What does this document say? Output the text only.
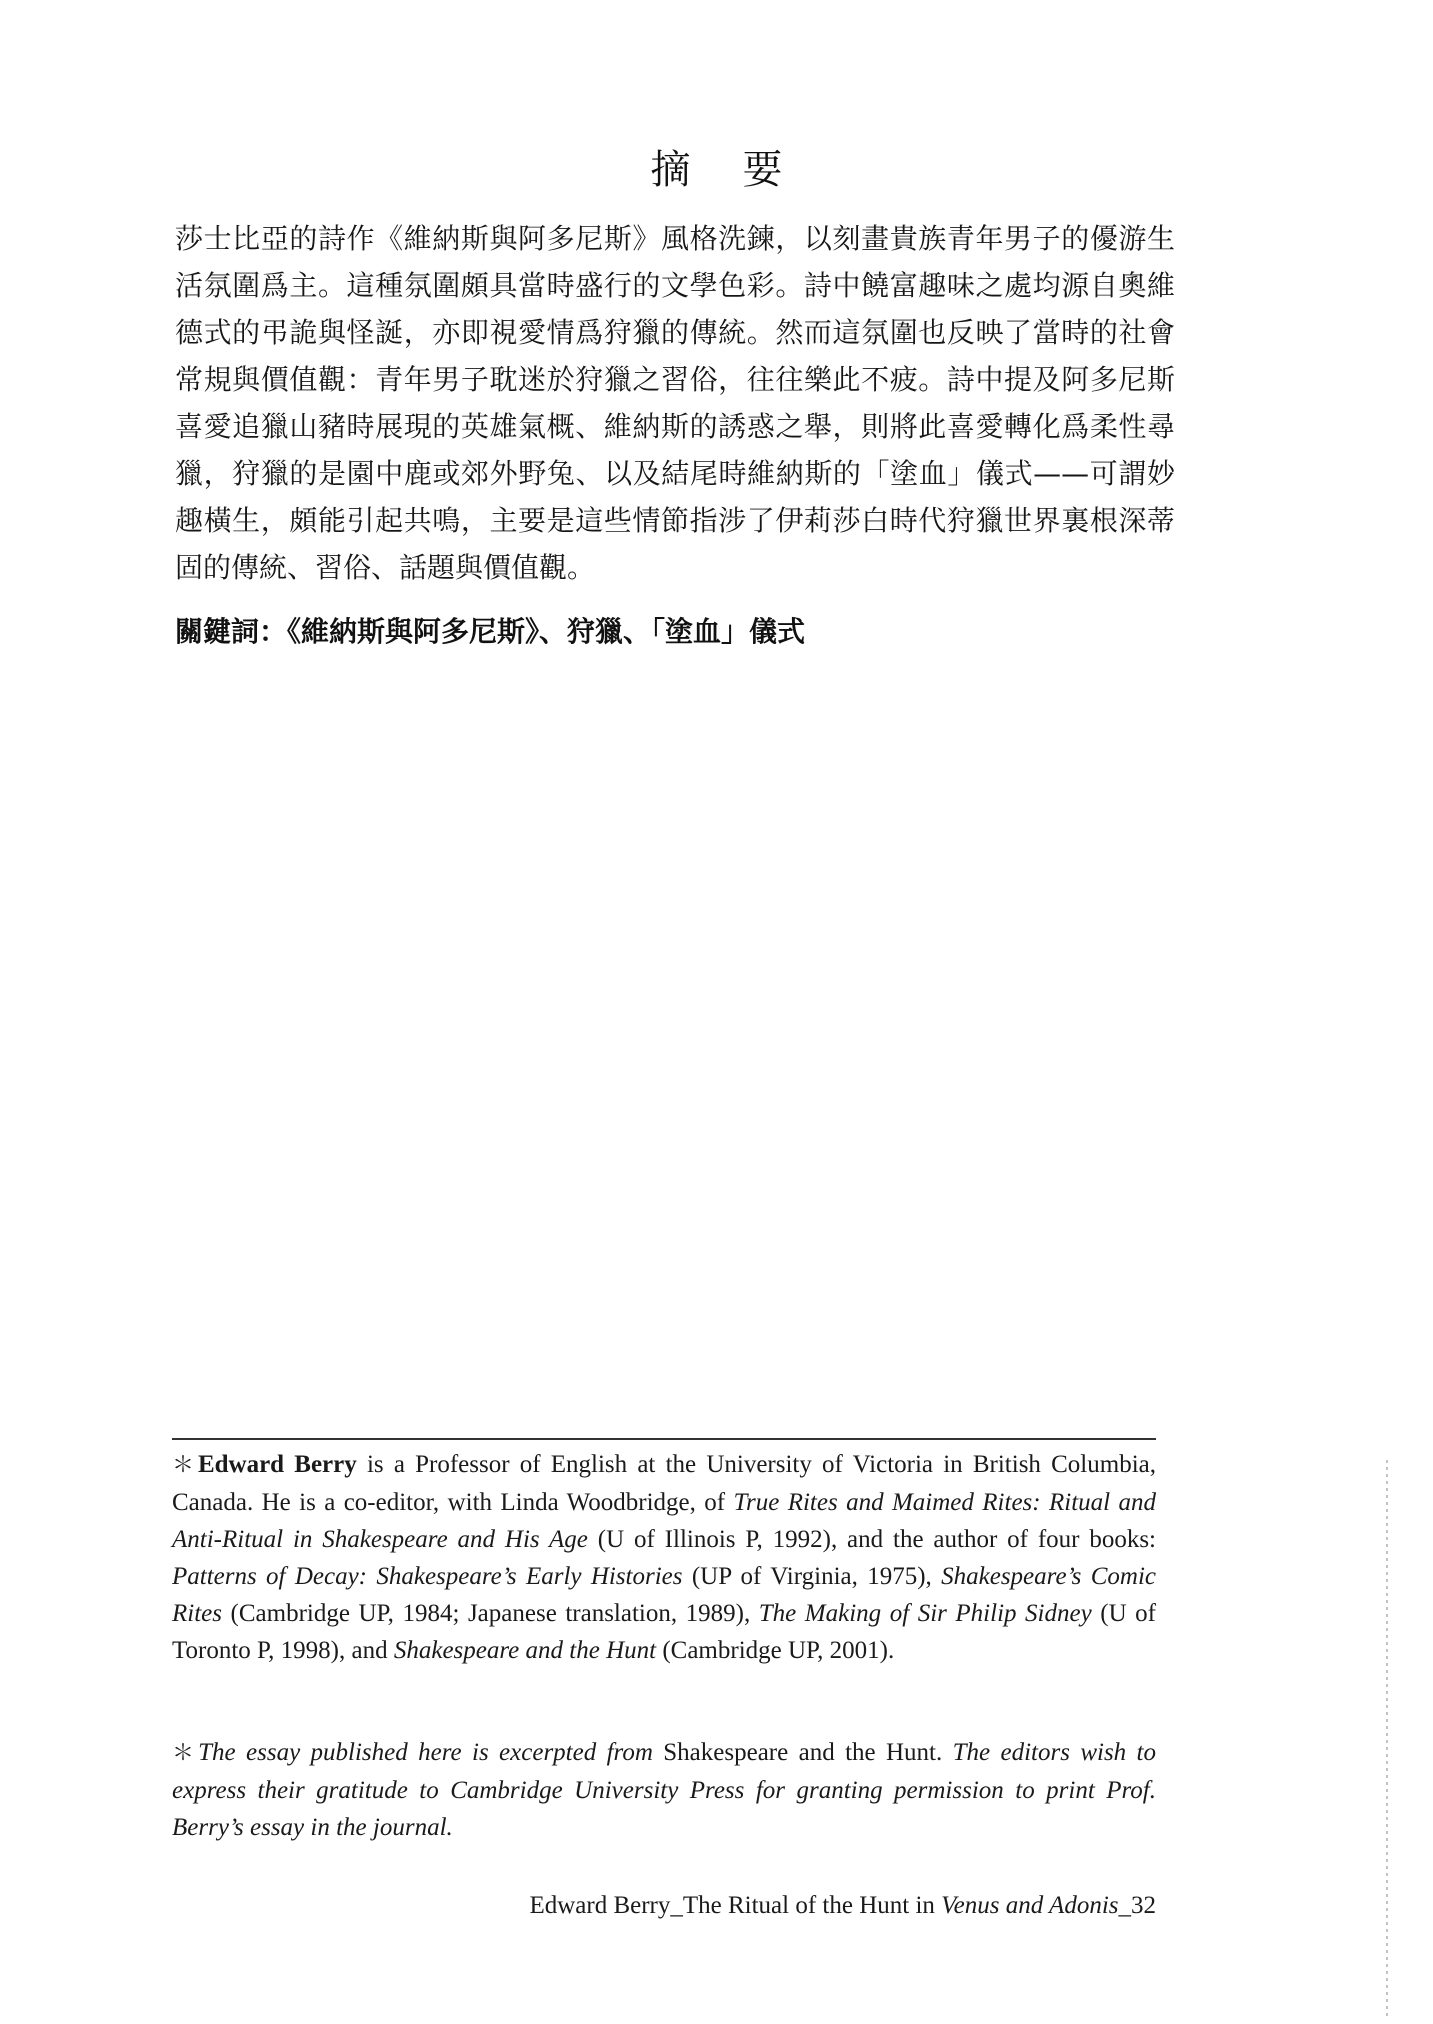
摘要

莎士比亞的詩作《維納斯與阿多尼斯》風格洗鍊，以刻畫貴族青年男子的優游生活氛圍爲主。這種氛圍頗具當時盛行的文學色彩。詩中饒富趣味之處均源自奧維德式的弔詭與怪誕，亦即視愛情爲狩獵的傳統。然而這氛圍也反映了當時的社會常規與價值觀：青年男子耽迷於狩獵之習俗，往往樂此不疲。詩中提及阿多尼斯喜愛追獵山豬時展現的英雄氣概、維納斯的誘惑之舉，則將此喜愛轉化爲柔性尋獵，狩獵的是園中鹿或郊外野兔、以及結尾時維納斯的「塗血」儀式——可謂妙趣橫生，頗能引起共鳴，主要是這些情節指涉了伊莉莎白時代狩獵世界裏根深蒂固的傳統、習俗、話題與價值觀。

關鍵詞：《維納斯與阿多尼斯》、狩獵、「塗血」儀式
＊Edward Berry is a Professor of English at the University of Victoria in British Columbia, Canada. He is a co-editor, with Linda Woodbridge, of True Rites and Maimed Rites: Ritual and Anti-Ritual in Shakespeare and His Age (U of Illinois P, 1992), and the author of four books: Patterns of Decay: Shakespeare’s Early Histories (UP of Virginia, 1975), Shakespeare’s Comic Rites (Cambridge UP, 1984; Japanese translation, 1989), The Making of Sir Philip Sidney (U of Toronto P, 1998), and Shakespeare and the Hunt (Cambridge UP, 2001).
＊The essay published here is excerpted from Shakespeare and the Hunt. The editors wish to express their gratitude to Cambridge University Press for granting permission to print Prof. Berry’s essay in the journal.
Edward Berry_The Ritual of the Hunt in Venus and Adonis_32
